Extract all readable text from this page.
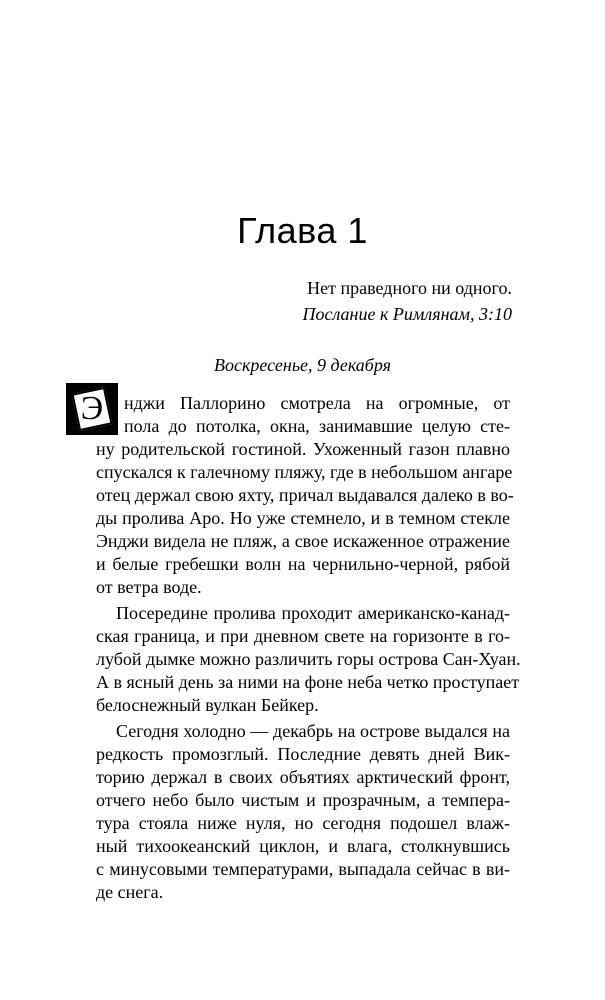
Глава 1
Нет праведного ни одного.
Послание к Римлянам, 3:10
Воскресенье, 9 декабря
Э	нджи Паллорино смотрела на огромные, от
пола до потолка, окна, занимавшие целую сте-
ну родительской гостиной. Ухоженный газон плавно
спускался к галечному пляжу, где в небольшом ангаре
отец держал свою яхту, причал выдавался далеко в во-
ды пролива Аро. Но уже стемнело, и в темном стекле
Энджи видела не пляж, а свое искаженное отражение
и белые гребешки волн на чернильно-черной, рябой
от ветра воде.
Посередине пролива проходит американско-канад-
ская граница, и при дневном свете на горизонте в го-
лубой дымке можно различить горы острова Сан-Хуан.
А в ясный день за ними на фоне неба четко проступает
белоснежный вулкан Бейкер.
Сегодня холодно — декабрь на острове выдался на
редкость промозглый. Последние девять дней Вик-
торию держал в своих объятиях арктический фронт,
отчего небо было чистым и прозрачным, а темпера-
тура стояла ниже нуля, но сегодня подошел влаж-
ный тихоокеанский циклон, и влага, столкнувшись
с минусовыми температурами, выпадала сейчас в ви-
де снега.
